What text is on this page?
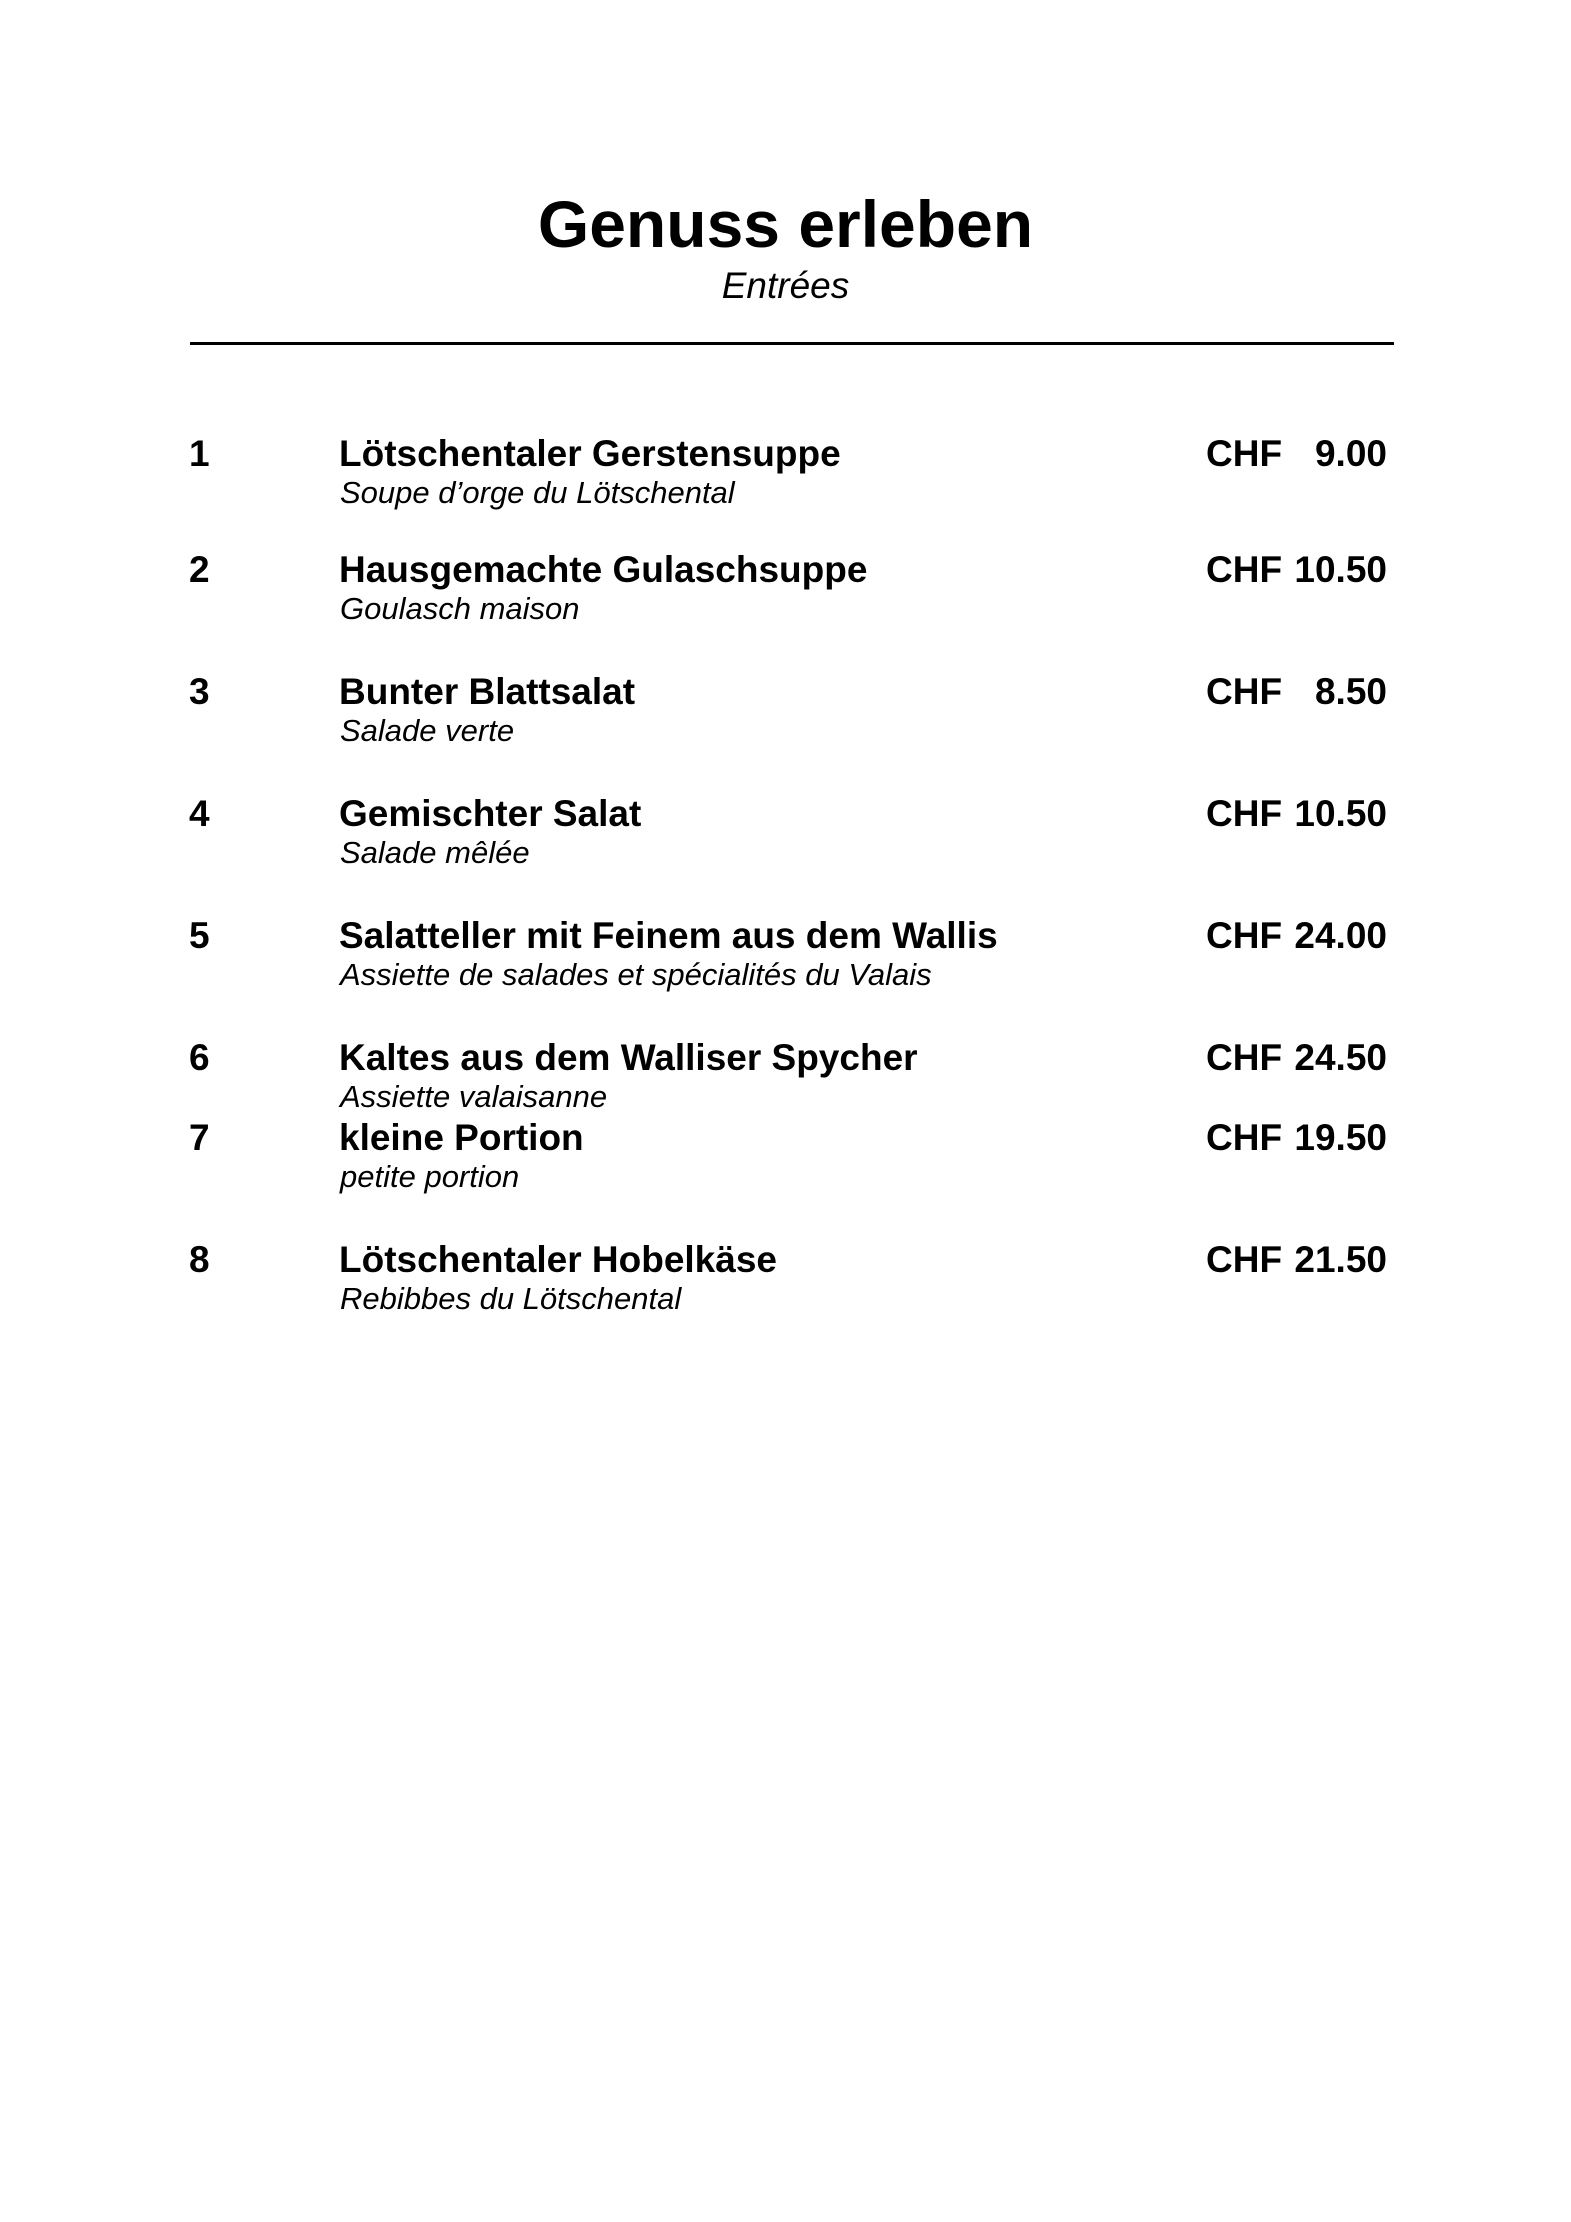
Genuss erleben
Entrées
1	Lötschentaler Gerstensuppe
Soupe d’orge du Lötschental
CHF 9.00
2	Hausgemachte Gulaschsuppe
Goulasch maison
CHF 10.50
3	Bunter Blattsalat
Salade verte
CHF 8.50
4	Gemischter Salat
Salade mêlée
CHF 10.50
5	Salatteller mit Feinem aus dem Wallis
Assiette de salades et spécialités du Valais
CHF 24.00
6	Kaltes aus dem Walliser Spycher
Assiette valaisanne
CHF 24.50
7	kleine Portion
petite portion
CHF 19.50
8	Lötschentaler Hobelkäse
Rebibbes du Lötschental
CHF 21.50
